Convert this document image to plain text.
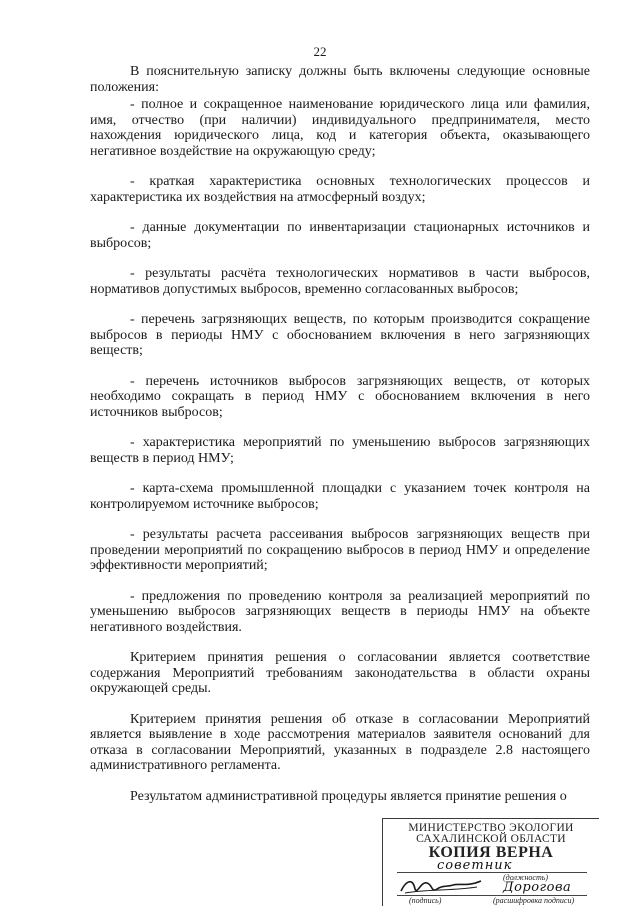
22

В пояснительную записку должны быть включены следующие основные положения:

- полное и сокращенное наименование юридического лица или фамилия, имя, отчество (при наличии) индивидуального предпринимателя, место нахождения юридического лица, код и категория объекта, оказывающего негативное воздействие на окружающую среду;

- краткая характеристика основных технологических процессов и характеристика их воздействия на атмосферный воздух;

- данные документации по инвентаризации стационарных источников и выбросов;

- результаты расчёта технологических нормативов в части выбросов, нормативов допустимых выбросов, временно согласованных выбросов;

- перечень загрязняющих веществ, по которым производится сокращение выбросов в периоды НМУ с обоснованием включения в него загрязняющих веществ;

- перечень источников выбросов загрязняющих веществ, от которых необходимо сокращать в период НМУ с обоснованием включения в него источников выбросов;

- характеристика мероприятий по уменьшению выбросов загрязняющих веществ в период НМУ;

- карта-схема промышленной площадки с указанием точек контроля на контролируемом источнике выбросов;

- результаты расчета рассеивания выбросов загрязняющих веществ при проведении мероприятий по сокращению выбросов в период НМУ и определение эффективности мероприятий;

- предложения по проведению контроля за реализацией мероприятий по уменьшению выбросов загрязняющих веществ в периоды НМУ на объекте негативного воздействия.

Критерием принятия решения о согласовании является соответствие содержания Мероприятий требованиям законодательства в области охраны окружающей среды.

Критерием принятия решения об отказе в согласовании Мероприятий является выявление в ходе рассмотрения материалов заявителя оснований для отказа в согласовании Мероприятий, указанных в подразделе 2.8 настоящего административного регламента.

Результатом административной процедуры является принятие решения о

МИНИСТЕРСТВО ЭКОЛОГИИ
САХАЛИНСКОЙ ОБЛАСТИ
КОПИЯ ВЕРНА
советник
(должность)
Дорогова
(подпись)	(расшифровка подписи)
